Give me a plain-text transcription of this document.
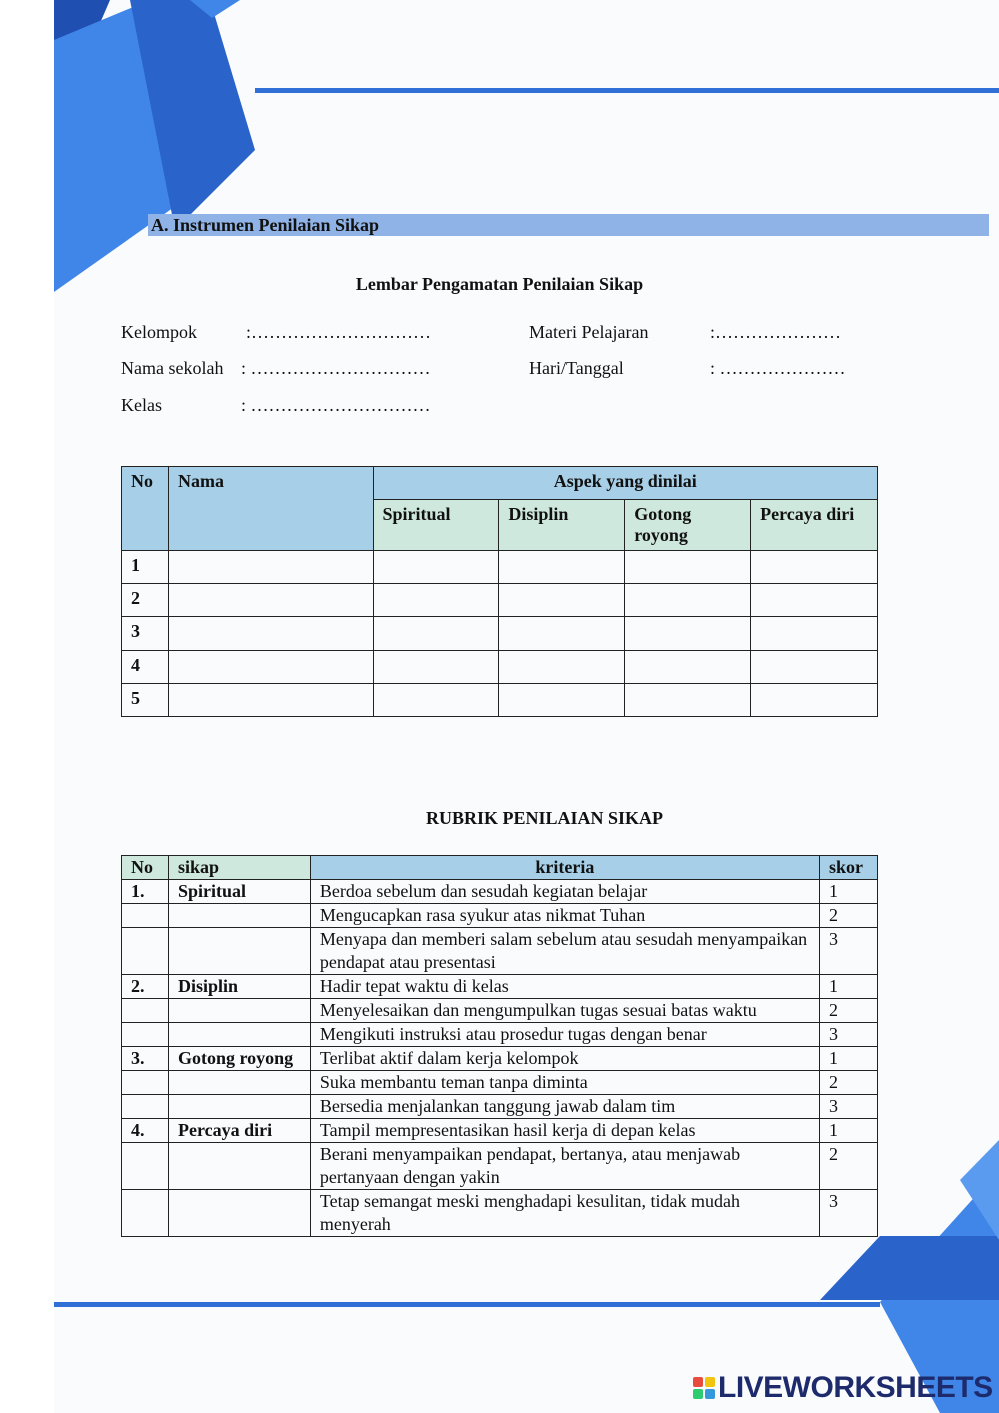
A. Instrumen Penilaian Sikap
Lembar Pengamatan Penilaian Sikap
Kelompok	:…………………………
Nama sekolah : …………………………
Kelas	: …………………………
Materi Pelajaran	:…………………
Hari/Tanggal	: …………………
No	Nama	Aspek yang dinilai			
		Spiritual	Disiplin	Gotong royong	Percaya diri
1					
2					
3					
4					
5					
RUBRIK PENILAIAN SIKAP
No	sikap	kriteria	skor
1.	Spiritual	Berdoa sebelum dan sesudah kegiatan belajar	1
		Mengucapkan rasa syukur atas nikmat Tuhan	2
		Menyapa dan memberi salam sebelum atau sesudah menyampaikan pendapat atau presentasi	3
2.	Disiplin	Hadir tepat waktu di kelas	1
		Menyelesaikan dan mengumpulkan tugas sesuai batas waktu	2
		Mengikuti instruksi atau prosedur tugas dengan benar	3
3.	Gotong royong	Terlibat aktif dalam kerja kelompok	1
		Suka membantu teman tanpa diminta	2
		Bersedia menjalankan tanggung jawab dalam tim	3
4.	Percaya diri	Tampil mempresentasikan hasil kerja di depan kelas	1
		Berani menyampaikan pendapat, bertanya, atau menjawab pertanyaan dengan yakin	2
		Tetap semangat meski menghadapi kesulitan, tidak mudah menyerah	3
LIVEWORKSHEETS
